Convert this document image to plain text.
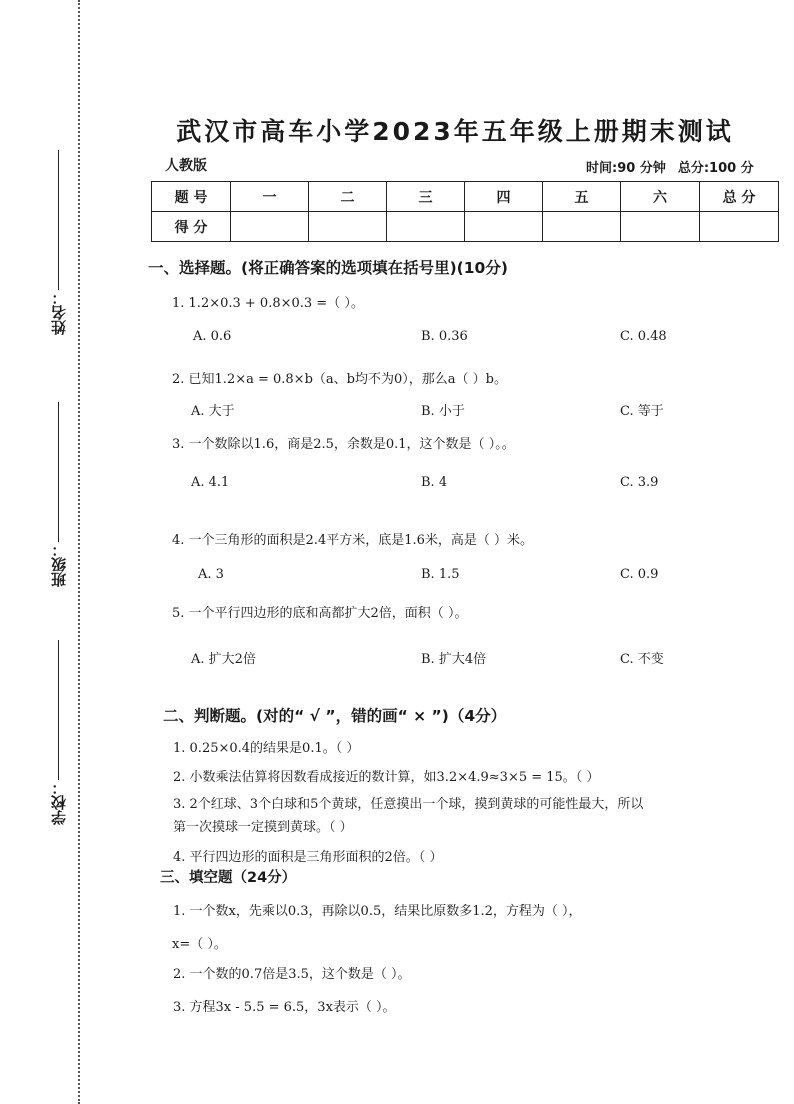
姓名：
班级：
学校：
武汉市高车小学2023年五年级上册期末测试
人教版	时间:90 分钟 总分:100 分
题 号	一	二	三	四	五	六	总 分
得 分							
一、选择题。(将正确答案的选项填在括号里)(10分)
1. 1.2×0.3 + 0.8×0.3 =（ ）。
A. 0.6	B. 0.36	C. 0.48
2. 已知1.2×a = 0.8×b（a、b均不为0），那么a（ ）b。
A. 大于	B. 小于	C. 等于
3. 一个数除以1.6，商是2.5，余数是0.1，这个数是（ ）。。
A. 4.1	B. 4	C. 3.9
4. 一个三角形的面积是2.4平方米，底是1.6米，高是（ ）米。
A. 3	B. 1.5	C. 0.9
5. 一个平行四边形的底和高都扩大2倍，面积（ ）。
A. 扩大2倍	B. 扩大4倍	C. 不变
二、判断题。(对的“ √ ”，错的画“ × ”)（4分）
1. 0.25×0.4的结果是0.1。（ ）
2. 小数乘法估算将因数看成接近的数计算，如3.2×4.9≈3×5 = 15。（ ）
3. 2个红球、3个白球和5个黄球，任意摸出一个球，摸到黄球的可能性最大，所以
第一次摸球一定摸到黄球。（ ）
4. 平行四边形的面积是三角形面积的2倍。（ ）
三、填空题（24分）
1. 一个数x，先乘以0.3，再除以0.5，结果比原数多1.2，方程为（ ），
x=（ ）。
2. 一个数的0.7倍是3.5，这个数是（ ）。
3. 方程3x - 5.5 = 6.5，3x表示（ ）。
